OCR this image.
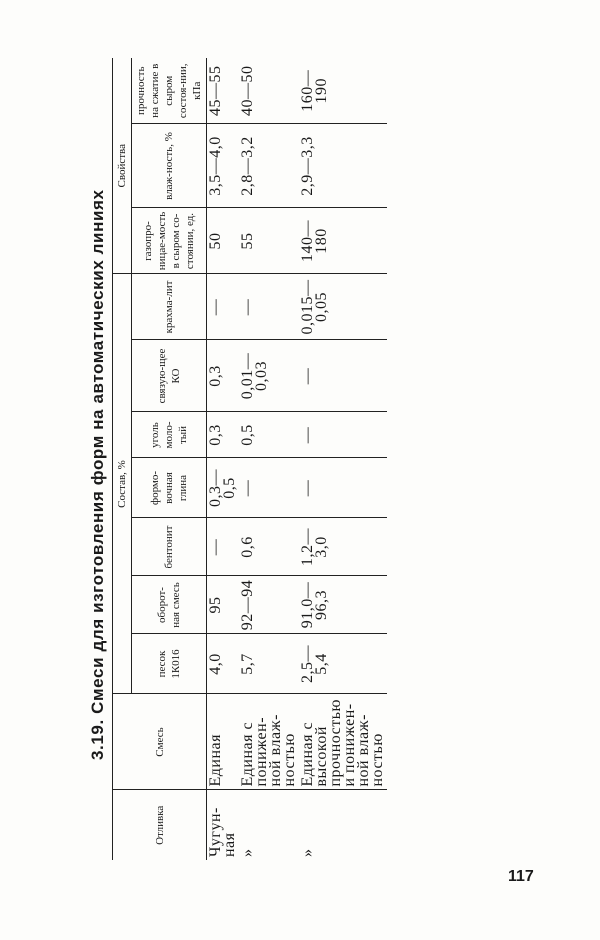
3.19. Смеси для изготовления форм на автоматических линиях
Отливка	Смесь	Состав, %							Свойства		
		песок 1К016	оборот-ная смесь	бентонит	формо-вочная глина	уголь моло-тый	связую-щее КО	крахма-лит	газопро-ницае-мость в сыром со-стоянии, ед.	влаж-ность, %	прочность на сжатие в сыром состоя-нии, кПа
Чугун-ная	Единая	4,0	95	—	0,3—0,5	0,3	0,3	—	50	3,5—4,0	45—55
»	Единая с понижен-ной влаж-ностью	5,7	92—94	0,6	—	0,5	0,01—0,03	—	55	2,8—3,2	40—50
»	Единая с высокой прочностью и понижен-ной влаж-ностью	2,5—5,4	91,0—96,3	1,2—3,0	—	—	—	0,015—0,05	140—180	2,9—3,3	160—190
117
